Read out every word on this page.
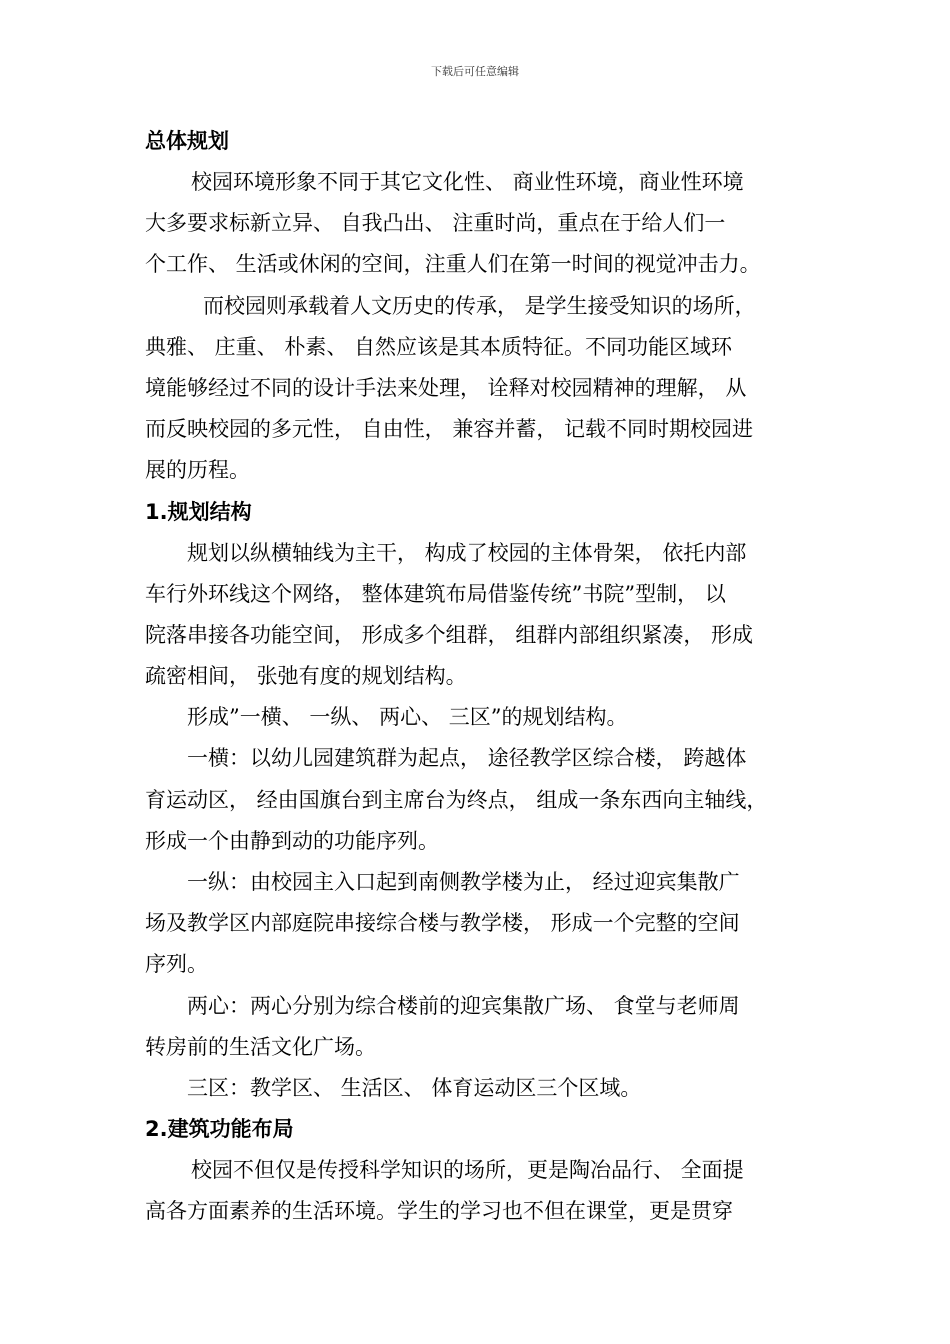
下载后可任意编辑
总体规划
校园环境形象不同于其它文化性、 商业性环境，商业性环境
大多要求标新立异、 自我凸出、 注重时尚，重点在于给人们一
个工作、 生活或休闲的空间，注重人们在第一时间的视觉冲击力。
而校园则承载着人文历史的传承， 是学生接受知识的场所，
典雅、 庄重、 朴素、 自然应该是其本质特征。不同功能区域环
境能够经过不同的设计手法来处理， 诠释对校园精神的理解， 从
而反映校园的多元性， 自由性， 兼容并蓄， 记载不同时期校园进
展的历程。
1.规划结构
规划以纵横轴线为主干， 构成了校园的主体骨架， 依托内部
车行外环线这个网络， 整体建筑布局借鉴传统”书院”型制， 以
院落串接各功能空间， 形成多个组群， 组群内部组织紧凑， 形成
疏密相间， 张弛有度的规划结构。
形成”一横、 一纵、 两心、 三区”的规划结构。
一横：以幼儿园建筑群为起点， 途径教学区综合楼， 跨越体
育运动区， 经由国旗台到主席台为终点， 组成一条东西向主轴线，
形成一个由静到动的功能序列。
一纵：由校园主入口起到南侧教学楼为止， 经过迎宾集散广
场及教学区内部庭院串接综合楼与教学楼， 形成一个完整的空间
序列。
两心：两心分别为综合楼前的迎宾集散广场、 食堂与老师周
转房前的生活文化广场。
三区：教学区、 生活区、 体育运动区三个区域。
2.建筑功能布局
校园不但仅是传授科学知识的场所，更是陶冶品行、 全面提
高各方面素养的生活环境。学生的学习也不但在课堂，更是贯穿
